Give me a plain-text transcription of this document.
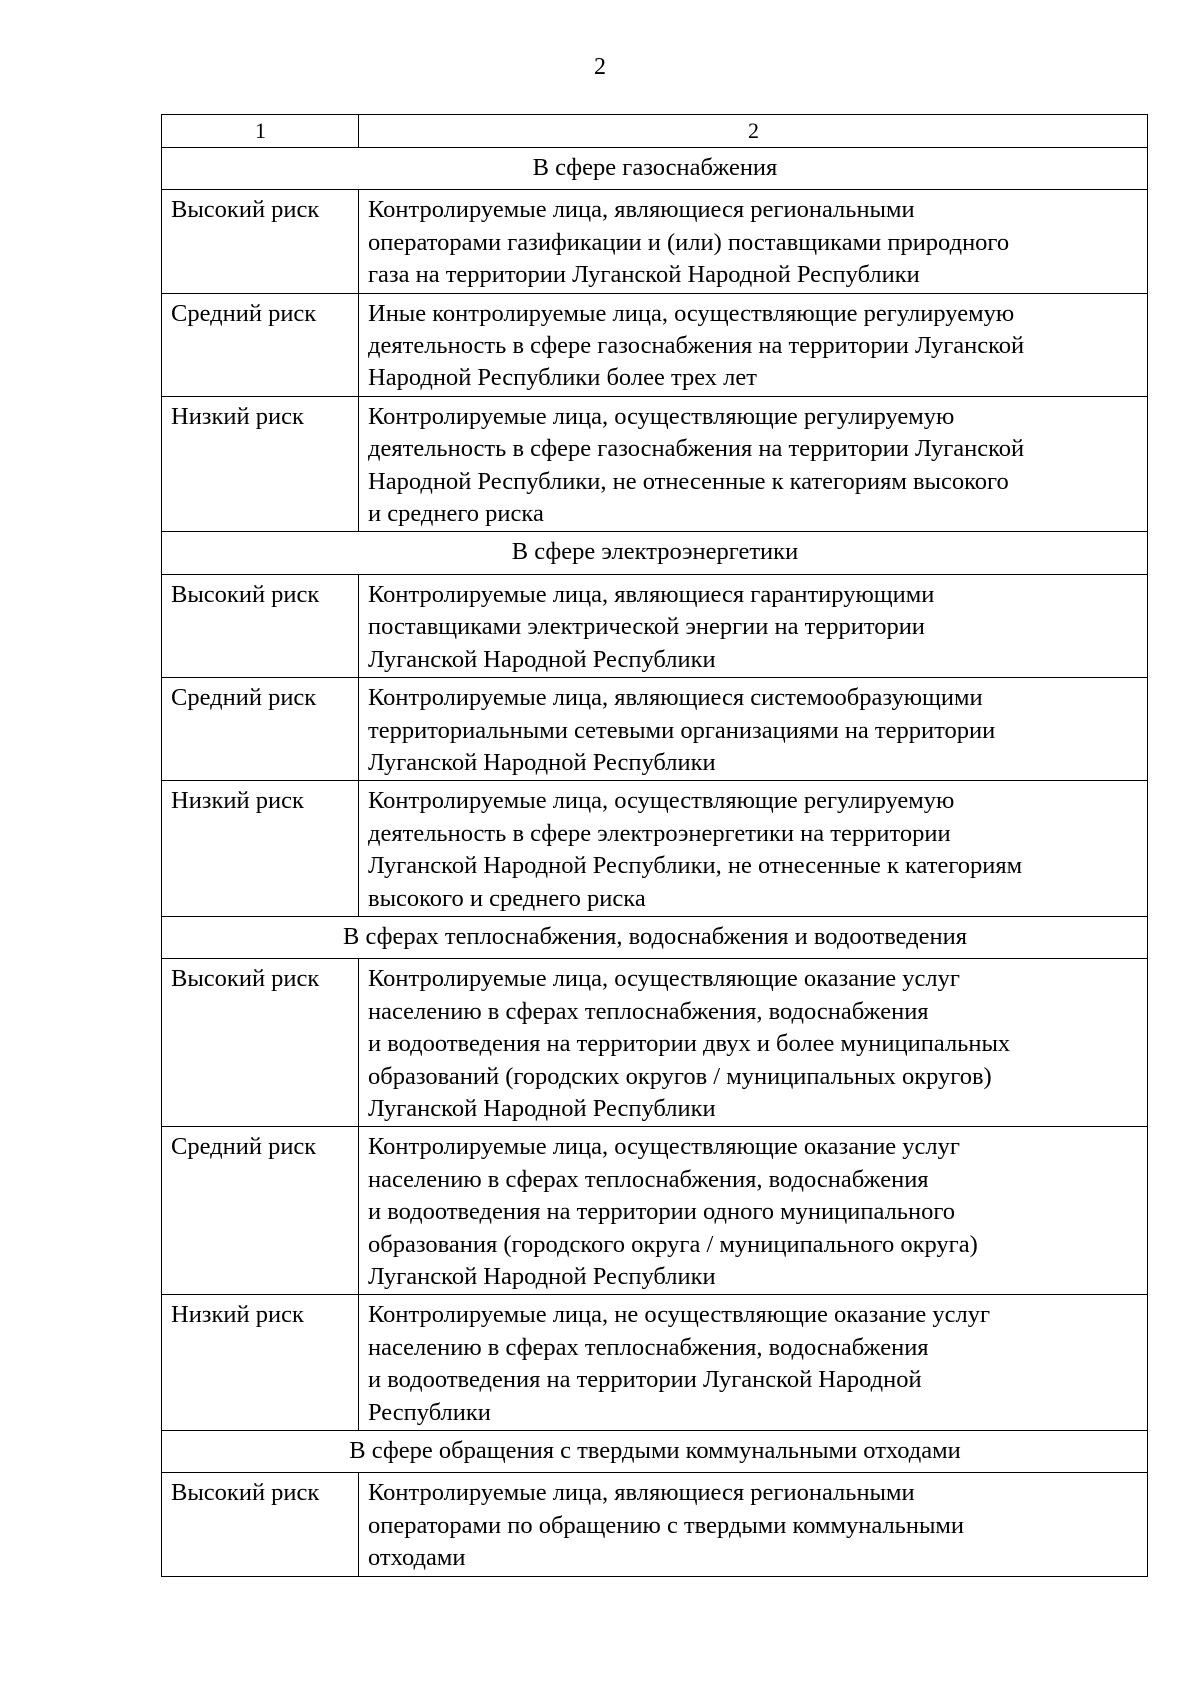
2
1	2
В сфере газоснабжения	
Высокий риск	Контролируемые лица, являющиеся региональными
операторами газификации и (или) поставщиками природного
газа на территории Луганской Народной Республики

Средний риск	Иные контролируемые лица, осуществляющие регулируемую
деятельность в сфере газоснабжения на территории Луганской
Народной Республики более трех лет

Низкий риск	Контролируемые лица, осуществляющие регулируемую
деятельность в сфере газоснабжения на территории Луганской
Народной Республики, не отнесенные к категориям высокого
и среднего риска

В сфере электроэнергетики	
Высокий риск	Контролируемые лица, являющиеся гарантирующими
поставщиками электрической энергии на территории
Луганской Народной Республики

Средний риск	Контролируемые лица, являющиеся системообразующими
территориальными сетевыми организациями на территории
Луганской Народной Республики

Низкий риск	Контролируемые лица, осуществляющие регулируемую
деятельность в сфере электроэнергетики на территории
Луганской Народной Республики, не отнесенные к категориям
высокого и среднего риска

В сферах теплоснабжения, водоснабжения и водоотведения	
Высокий риск	Контролируемые лица, осуществляющие оказание услуг
населению в сферах теплоснабжения, водоснабжения
и водоотведения на территории двух и более муниципальных
образований (городских округов / муниципальных округов)
Луганской Народной Республики

Средний риск	Контролируемые лица, осуществляющие оказание услуг
населению в сферах теплоснабжения, водоснабжения
и водоотведения на территории одного муниципального
образования (городского округа / муниципального округа)
Луганской Народной Республики

Низкий риск	Контролируемые лица, не осуществляющие оказание услуг
населению в сферах теплоснабжения, водоснабжения
и водоотведения на территории Луганской Народной
Республики

В сфере обращения с твердыми коммунальными отходами	
Высокий риск	Контролируемые лица, являющиеся региональными
операторами по обращению с твердыми коммунальными
отходами
